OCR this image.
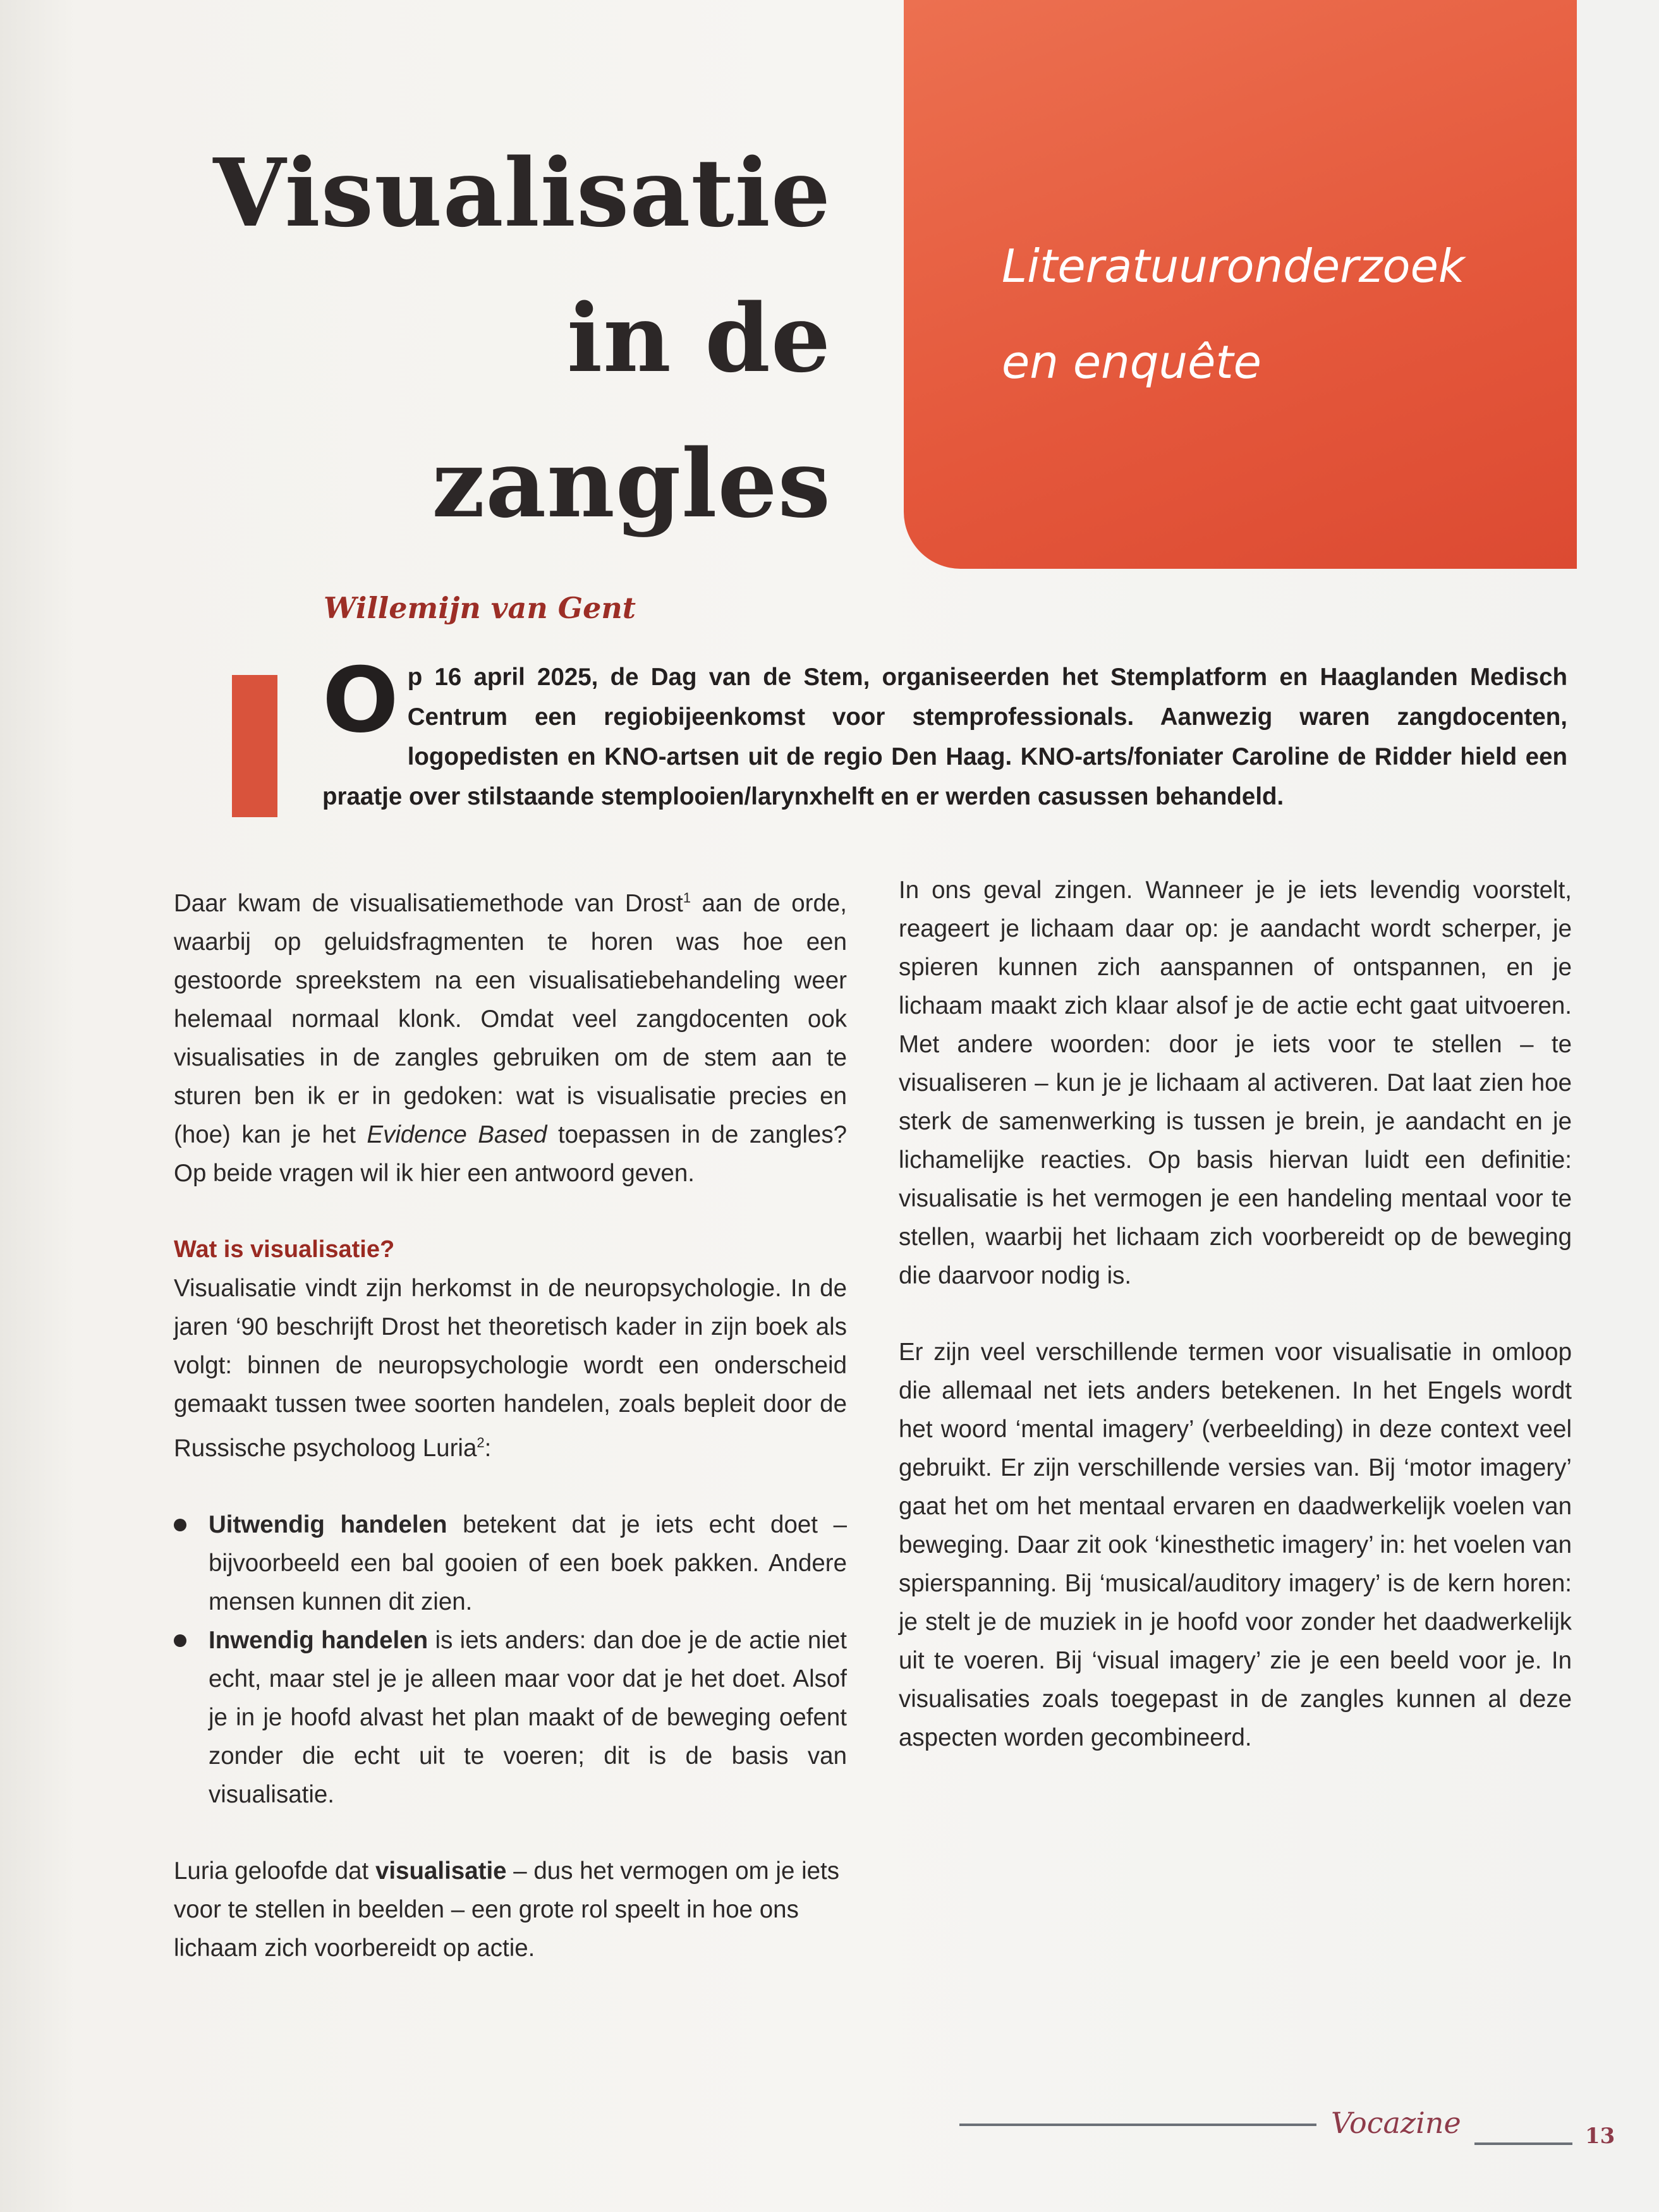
Visualisatie
in de
zangles
Literatuuronderzoek
en enquête
Willemijn van Gent
Op 16 april 2025, de Dag van de Stem, organiseerden het Stemplatform en Haaglanden Medisch Centrum een regiobijeenkomst voor stemprofessionals. Aanwezig waren zangdocenten, logopedisten en KNO-artsen uit de regio Den Haag. KNO-arts/foniater Caroline de Ridder hield een praatje over stilstaande stemplooien/larynxhelft en er werden casussen behandeld.

Daar kwam de visualisatiemethode van Drost$^1$ aan de orde, waarbij op geluidsfragmenten te horen was hoe een gestoorde spreekstem na een visualisatiebehandeling weer helemaal normaal klonk. Omdat veel zangdocenten ook visualisaties in de zangles gebruiken om de stem aan te sturen ben ik er in gedoken: wat is visualisatie precies en (hoe) kan je het Evidence Based toepassen in de zangles? Op beide vragen wil ik hier een antwoord geven.

Wat is visualisatie?

Visualisatie vindt zijn herkomst in de neuropsychologie. In de jaren ‘90 beschrijft Drost het theoretisch kader in zijn boek als volgt: binnen de neuropsychologie wordt een onderscheid gemaakt tussen twee soorten handelen, zoals bepleit door de Russische psycholoog Luria$^2$:

Uitwendig handelen betekent dat je iets echt doet – bijvoorbeeld een bal gooien of een boek pakken. Andere mensen kunnen dit zien.
Inwendig handelen is iets anders: dan doe je de actie niet echt, maar stel je je alleen maar voor dat je het doet. Alsof je in je hoofd alvast het plan maakt of de beweging oefent zonder die echt uit te voeren; dit is de basis van visualisatie.

Luria geloofde dat visualisatie – dus het vermogen om je iets voor te stellen in beelden – een grote rol speelt in hoe ons lichaam zich voorbereidt op actie.

In ons geval zingen. Wanneer je je iets levendig voorstelt, reageert je lichaam daar op: je aandacht wordt scherper, je spieren kunnen zich aanspannen of ontspannen, en je lichaam maakt zich klaar alsof je de actie echt gaat uitvoeren. Met andere woorden: door je iets voor te stellen – te visualiseren – kun je je lichaam al activeren. Dat laat zien hoe sterk de samenwerking is tussen je brein, je aandacht en je lichamelijke reacties. Op basis hiervan luidt een definitie: visualisatie is het vermogen je een handeling mentaal voor te stellen, waarbij het lichaam zich voorbereidt op de beweging die daarvoor nodig is.

Er zijn veel verschillende termen voor visualisatie in omloop die allemaal net iets anders betekenen. In het Engels wordt het woord ‘mental imagery’ (verbeelding) in deze context veel gebruikt. Er zijn verschillende versies van. Bij ‘motor imagery’ gaat het om het mentaal ervaren en daadwerkelijk voelen van beweging. Daar zit ook ‘kinesthetic imagery’ in: het voelen van spierspanning. Bij ‘musical/auditory imagery’ is de kern horen: je stelt je de muziek in je hoofd voor zonder het daadwerkelijk uit te voeren. Bij ‘visual imagery’ zie je een beeld voor je. In visualisaties zoals toegepast in de zangles kunnen al deze aspecten worden gecombineerd.

Vocazine	13
